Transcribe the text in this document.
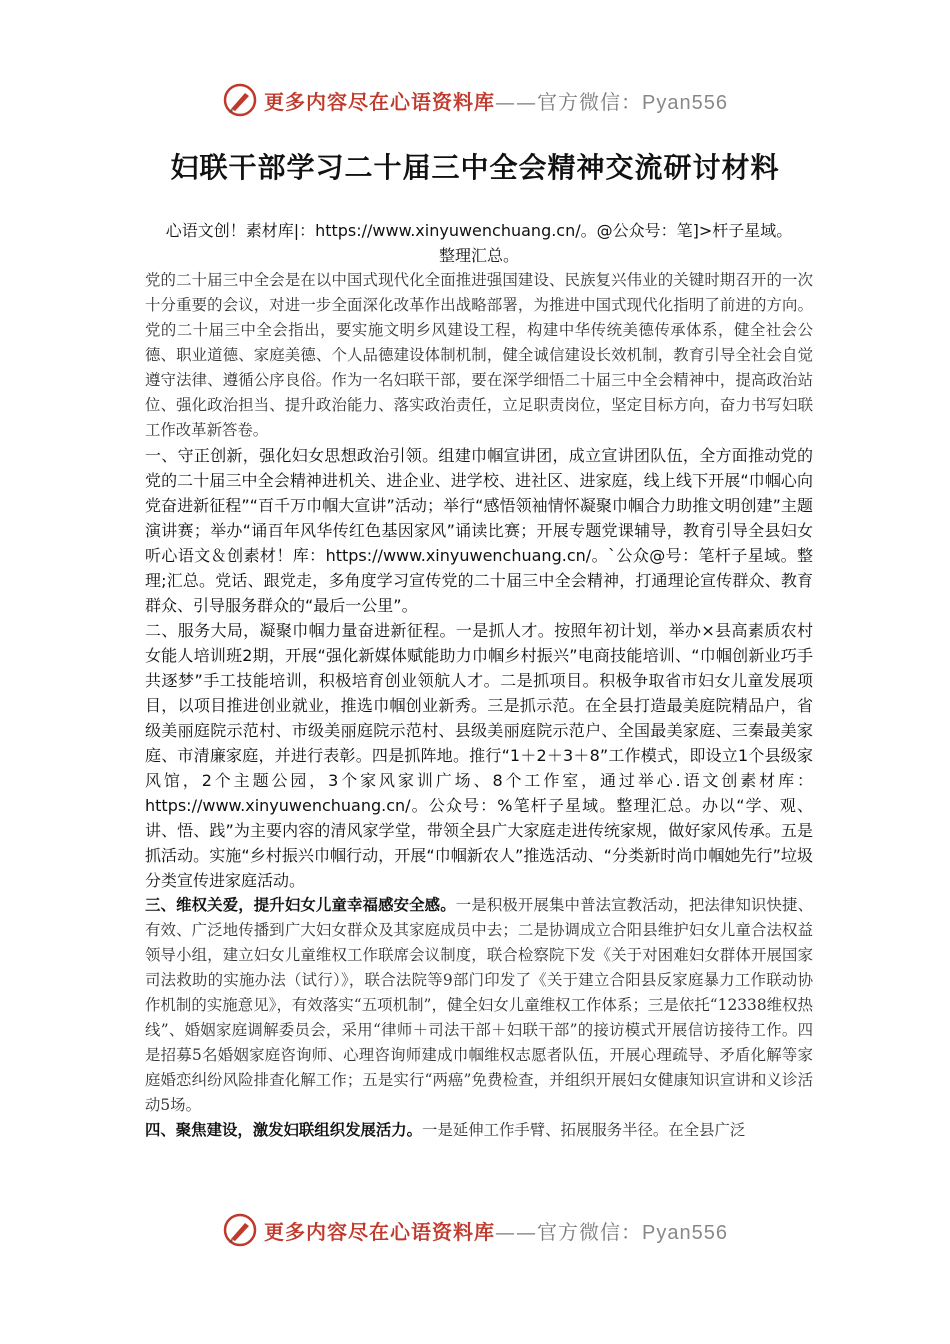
更多内容尽在心语资料库——官方微信：Pyan556
妇联干部学习二十届三中全会精神交流研讨材料
心语文创！素材库|：https://www.xinyuwenchuang.cn/。@公众号：笔]>杆子星域。
整理汇总。

党的二十届三中全会是在以中国式现代化全面推进强国建设、民族复兴伟业的关键时期召开的一次十分重要的会议，对进一步全面深化改革作出战略部署，为推进中国式现代化指明了前进的方向。党的二十届三中全会指出，要实施文明乡风建设工程，构建中华传统美德传承体系，健全社会公德、职业道德、家庭美德、个人品德建设体制机制，健全诚信建设长效机制，教育引导全社会自觉遵守法律、遵循公序良俗。作为一名妇联干部，要在深学细悟二十届三中全会精神中，提高政治站位、强化政治担当、提升政治能力、落实政治责任，立足职责岗位，坚定目标方向，奋力书写妇联工作改革新答卷。

一、守正创新，强化妇女思想政治引领。组建巾帼宣讲团，成立宣讲团队伍，全方面推动党的党的二十届三中全会精神进机关、进企业、进学校、进社区、进家庭，线上线下开展“巾帼心向党奋进新征程”“百千万巾帼大宣讲”活动；举行“感悟领袖情怀凝聚巾帼合力助推文明创建”主题演讲赛；举办“诵百年风华传红色基因家风”诵读比赛；开展专题党课辅导，教育引导全县妇女听心语文＆创素材！库：https://www.xinyuwenchuang.cn/。`公众@号：笔杆子星域。整理;汇总。党话、跟党走，多角度学习宣传党的二十届三中全会精神，打通理论宣传群众、教育群众、引导服务群众的“最后一公里”。

二、服务大局，凝聚巾帼力量奋进新征程。一是抓人才。按照年初计划，举办×县高素质农村女能人培训班2期，开展“强化新媒体赋能助力巾帼乡村振兴”电商技能培训、“巾帼创新业巧手共逐梦”手工技能培训，积极培育创业领航人才。二是抓项目。积极争取省市妇女儿童发展项目，以项目推进创业就业，推选巾帼创业新秀。三是抓示范。在全县打造最美庭院精品户，省级美丽庭院示范村、市级美丽庭院示范村、县级美丽庭院示范户、全国最美家庭、三秦最美家庭、市清廉家庭，并进行表彰。四是抓阵地。推行“1＋2＋3＋8”工作模式，即设立1个县级家风馆，2个主题公园，3个家风家训广场、8个工作室，通过举心.语文创素材库：https://www.xinyuwenchuang.cn/。公众号：%笔杆子星域。整理汇总。办以“学、观、讲、悟、践”为主要内容的清风家学堂，带领全县广大家庭走进传统家规，做好家风传承。五是抓活动。实施“乡村振兴巾帼行动，开展“巾帼新农人”推选活动、“分类新时尚巾帼她先行”垃圾分类宣传进家庭活动。

三、维权关爱，提升妇女儿童幸福感安全感。一是积极开展集中普法宣教活动，把法律知识快捷、有效、广泛地传播到广大妇女群众及其家庭成员中去；二是协调成立合阳县维护妇女儿童合法权益领导小组，建立妇女儿童维权工作联席会议制度，联合检察院下发《关于对困难妇女群体开展国家司法救助的实施办法（试行）》，联合法院等9部门印发了《关于建立合阳县反家庭暴力工作联动协作机制的实施意见》，有效落实“五项机制”，健全妇女儿童维权工作体系；三是依托“12338维权热线”、婚姻家庭调解委员会，采用“律师＋司法干部＋妇联干部”的接访模式开展信访接待工作。四是招募5名婚姻家庭咨询师、心理咨询师建成巾帼维权志愿者队伍，开展心理疏导、矛盾化解等家庭婚恋纠纷风险排查化解工作；五是实行“两癌”免费检查，并组织开展妇女健康知识宣讲和义诊活动5场。

四、聚焦建设，激发妇联组织发展活力。一是延伸工作手臂、拓展服务半径。在全县广泛

更多内容尽在心语资料库——官方微信：Pyan556
